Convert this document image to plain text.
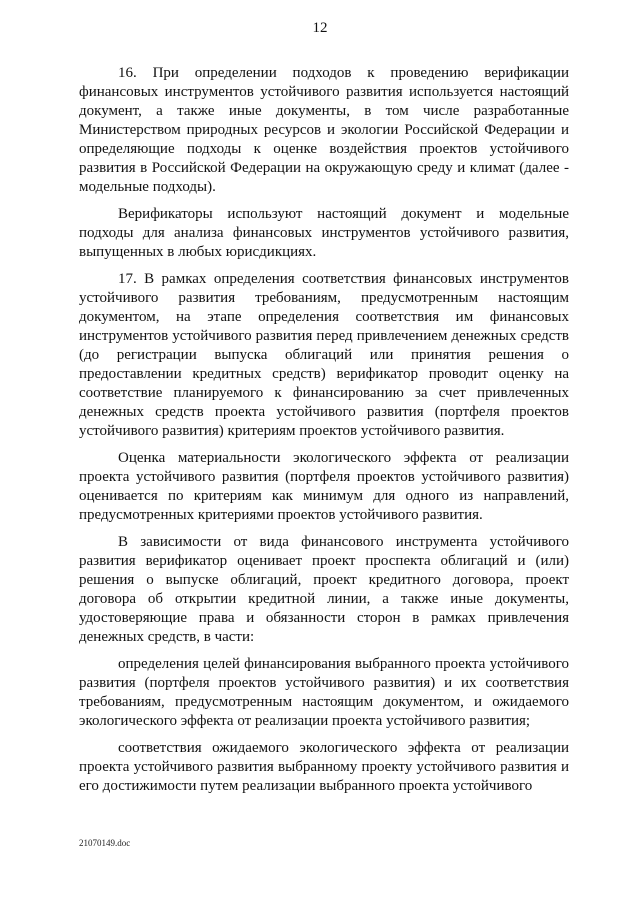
12

16. При определении подходов к проведению верификации финансовых инструментов устойчивого развития используется настоящий документ, а также иные документы, в том числе разработанные Министерством природных ресурсов и экологии Российской Федерации и определяющие подходы к оценке воздействия проектов устойчивого развития в Российской Федерации на окружающую среду и климат (далее - модельные подходы).

Верификаторы используют настоящий документ и модельные подходы для анализа финансовых инструментов устойчивого развития, выпущенных в любых юрисдикциях.

17. В рамках определения соответствия финансовых инструментов устойчивого развития требованиям, предусмотренным настоящим документом, на этапе определения соответствия им финансовых инструментов устойчивого развития перед привлечением денежных средств (до регистрации выпуска облигаций или принятия решения о предоставлении кредитных средств) верификатор проводит оценку на соответствие планируемого к финансированию за счет привлеченных денежных средств проекта устойчивого развития (портфеля проектов устойчивого развития) критериям проектов устойчивого развития.

Оценка материальности экологического эффекта от реализации проекта устойчивого развития (портфеля проектов устойчивого развития) оценивается по критериям как минимум для одного из направлений, предусмотренных критериями проектов устойчивого развития.

В зависимости от вида финансового инструмента устойчивого развития верификатор оценивает проект проспекта облигаций и (или) решения о выпуске облигаций, проект кредитного договора, проект договора об открытии кредитной линии, а также иные документы, удостоверяющие права и обязанности сторон в рамках привлечения денежных средств, в части:

определения целей финансирования выбранного проекта устойчивого развития (портфеля проектов устойчивого развития) и их соответствия требованиям, предусмотренным настоящим документом, и ожидаемого экологического эффекта от реализации проекта устойчивого развития;

соответствия ожидаемого экологического эффекта от реализации проекта устойчивого развития выбранному проекту устойчивого развития и его достижимости путем реализации выбранного проекта устойчивого

21070149.doc
